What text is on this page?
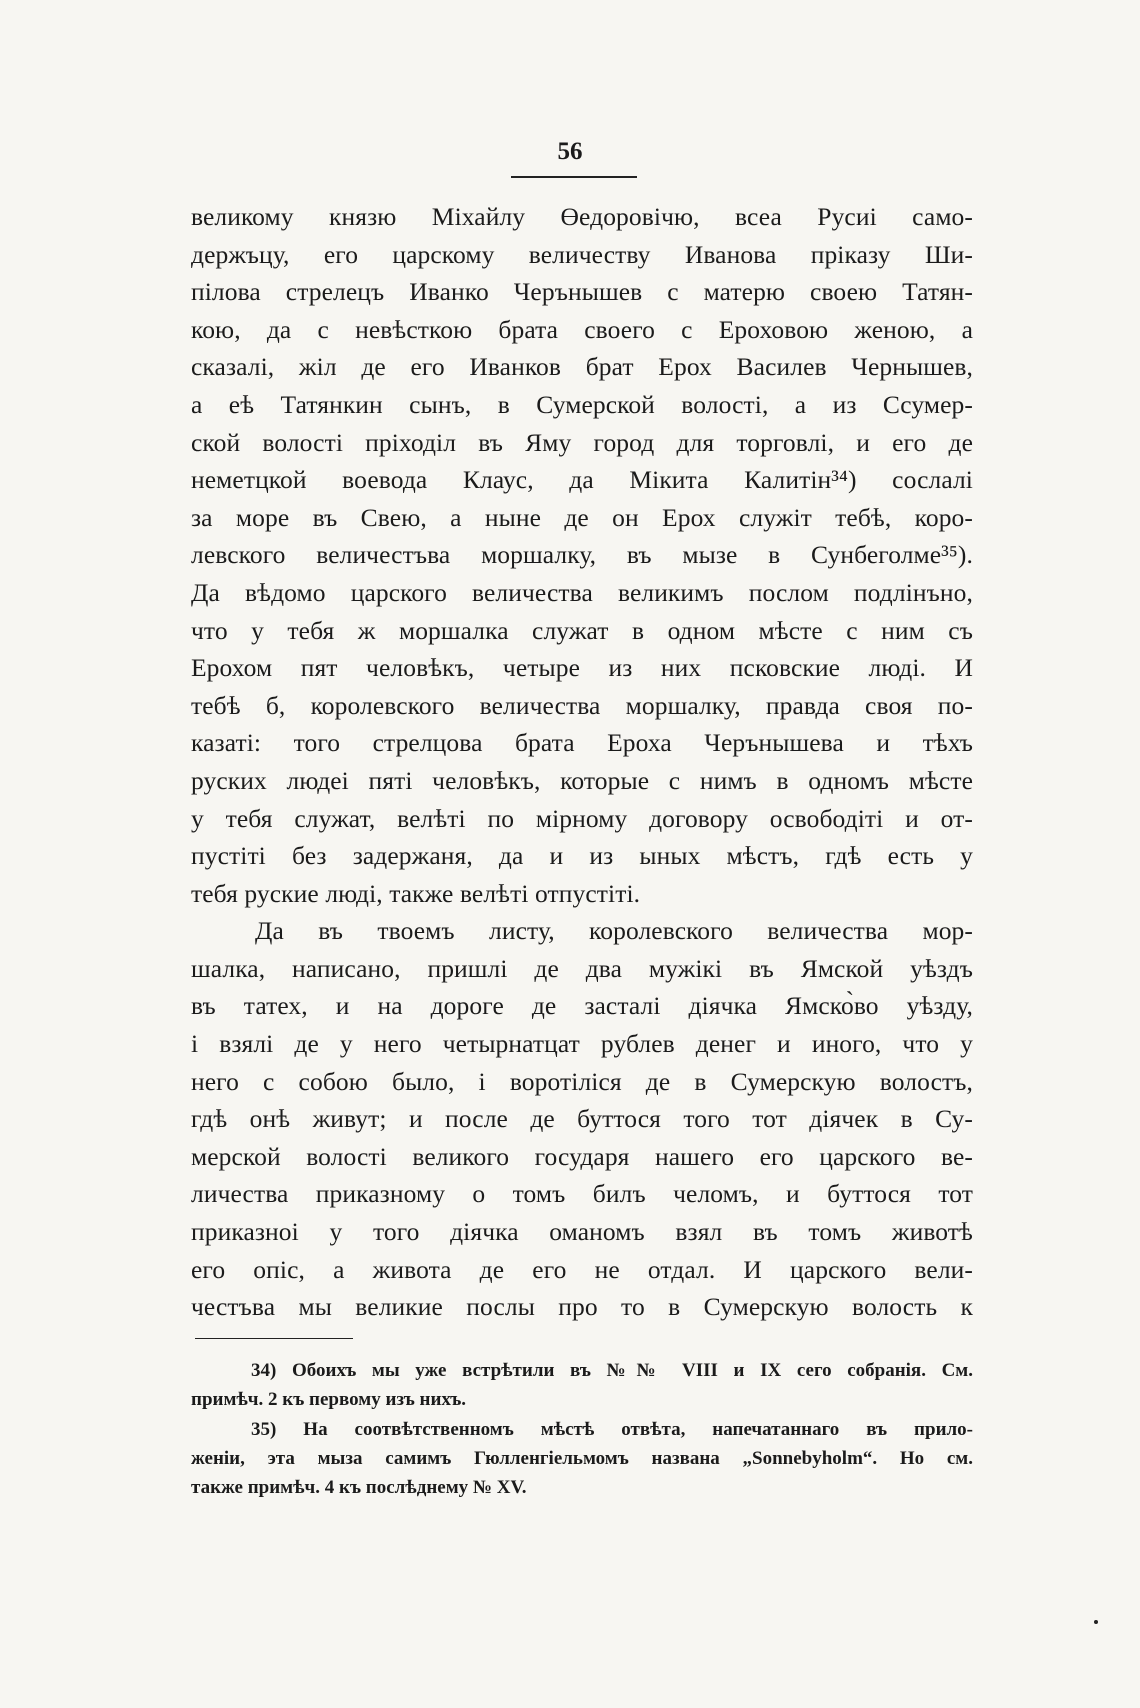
56
великому князю Міхайлу Өедоровічю, всеа Русиі само-
держъцу, его царскому величеству Иванова пріказу Ши-
пілова стрелецъ Иванко Черънышев с матерю своею Татян-
кою, да с невѣсткою брата своего с Ероховою женою, а
сказалі, жіл де его Иванков брат Ерох Василев Чернышев,
а еѣ Татянкин сынъ, в Сумерской волості, а из Ссумер-
ской волості пріходіл въ Яму город для торговлі, и его де
неметцкой воевода Клаус, да Мікита Калитін³⁴) сослалі
за море въ Свею, а ныне де он Ерох служіт тебѣ, коро-
левского величестъва моршалку, въ мызе в Сунбеголме³⁵).
Да вѣдомо царского величества великимъ послом подлінъно,
что у тебя ж моршалка служат в одном мѣсте с ним съ
Ерохом пят человѣкъ, четыре из них псковские люді. И
тебѣ б, королевского величества моршалку, правда своя по-
казаті: того стрелцова брата Ероха Черънышева и тѣхъ
руских людеі пяті человѣкъ, которые с нимъ в одномъ мѣсте
у тебя служат, велѣті по мірному договору освободіті и от-
пустіті без задержаня, да и из ыных мѣстъ, гдѣ есть у
тебя руские люді, также велѣті отпустіті.
Да въ твоемъ листу, королевского величества мор-
шалка, написано, пришлі де два мужікі въ Ямской уѣздъ
въ татех, и на дороге де засталі діячка Ямско̀во уѣзду,
і взялі де у него четырнатцат рублев денег и иного, что у
него с собою было, і воротіліся де в Сумерскую волостъ,
гдѣ онѣ живут; и после де буттося того тот діячек в Су-
мерской волості великого государя нашего его царского ве-
личества приказному о томъ билъ челомъ, и буттося тот
приказноі у того діячка оманомъ взял въ томъ животѣ
его опіс, а живота де его не отдал. И царского вели-
честъва мы великие послы про то в Сумерскую волость к
34) Обоихъ мы уже встрѣтили въ №№ VIII и IX сего собранія. См.
примѣч. 2 къ первому изъ нихъ.
35) На соотвѣтственномъ мѣстѣ отвѣта, напечатаннаго въ прило-
женіи, эта мыза самимъ Гюлленгіельмомъ названа „Sonnebyholm“. Но см.
также примѣч. 4 къ послѣднему № XV.
